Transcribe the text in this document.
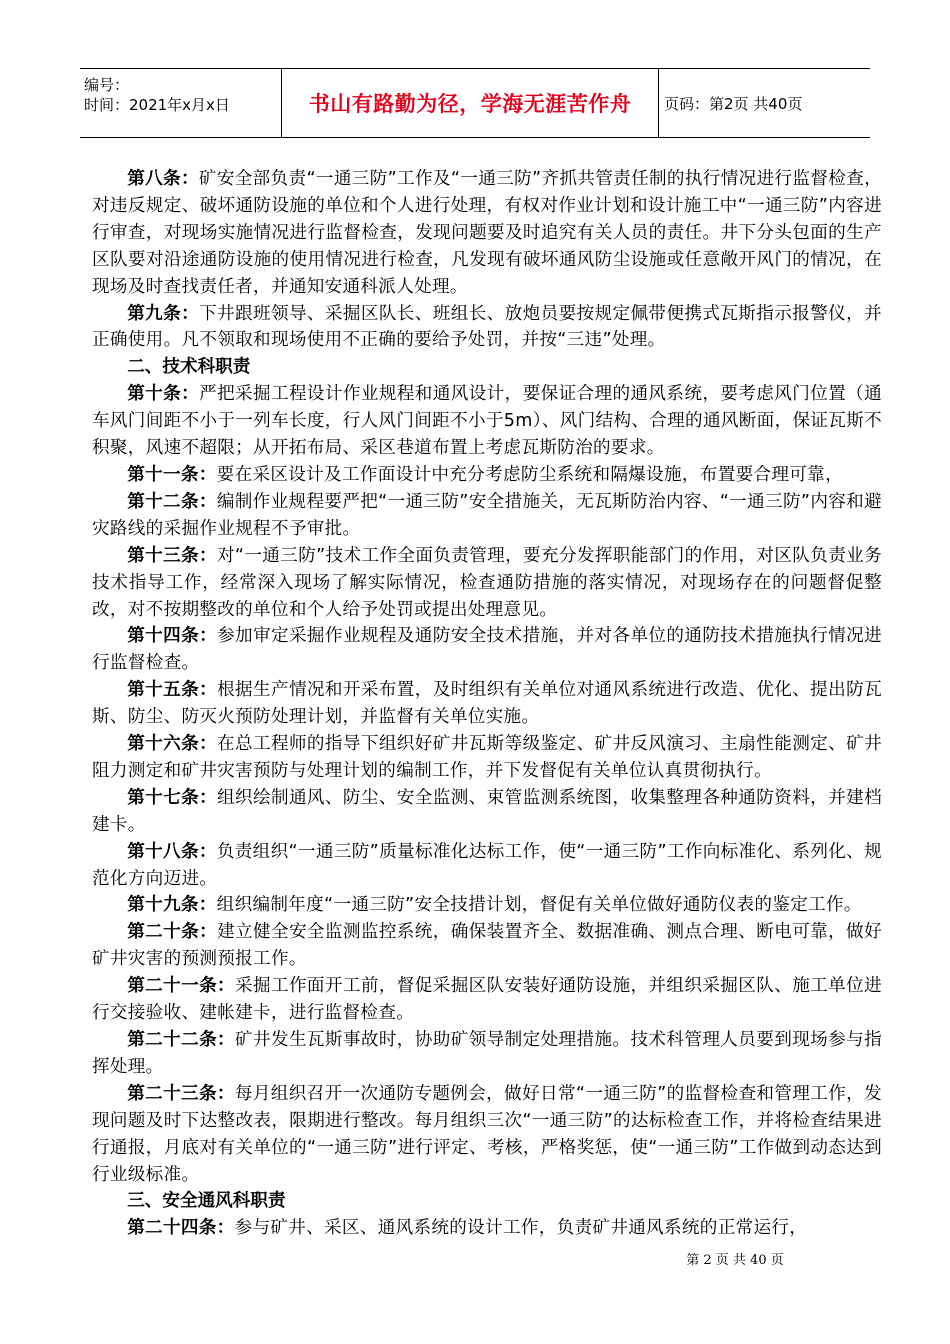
编号：
时间：2021年x月x日	书山有路勤为径，学海无涯苦作舟	页码：第2页 共40页

第八条：矿安全部负责“一通三防”工作及“一通三防”齐抓共管责任制的执行情况进行监督检查，对违反规定、破坏通防设施的单位和个人进行处理，有权对作业计划和设计施工中“一通三防”内容进行审查，对现场实施情况进行监督检查，发现问题要及时追究有关人员的责任。井下分头包面的生产区队要对沿途通防设施的使用情况进行检查，凡发现有破坏通风防尘设施或任意敞开风门的情况，在现场及时查找责任者，并通知安通科派人处理。

第九条：下井跟班领导、采掘区队长、班组长、放炮员要按规定佩带便携式瓦斯指示报警仪，并正确使用。凡不领取和现场使用不正确的要给予处罚，并按“三违”处理。

二、技术科职责

第十条：严把采掘工程设计作业规程和通风设计，要保证合理的通风系统，要考虑风门位置（通车风门间距不小于一列车长度，行人风门间距不小于5m）、风门结构、合理的通风断面，保证瓦斯不积聚，风速不超限；从开拓布局、采区巷道布置上考虑瓦斯防治的要求。

第十一条：要在采区设计及工作面设计中充分考虑防尘系统和隔爆设施，布置要合理可靠，

第十二条：编制作业规程要严把“一通三防”安全措施关，无瓦斯防治内容、“一通三防”内容和避灾路线的采掘作业规程不予审批。

第十三条：对“一通三防”技术工作全面负责管理，要充分发挥职能部门的作用，对区队负责业务技术指导工作，经常深入现场了解实际情况，检查通防措施的落实情况，对现场存在的问题督促整改，对不按期整改的单位和个人给予处罚或提出处理意见。

第十四条：参加审定采掘作业规程及通防安全技术措施，并对各单位的通防技术措施执行情况进行监督检查。

第十五条：根据生产情况和开采布置，及时组织有关单位对通风系统进行改造、优化、提出防瓦斯、防尘、防灭火预防处理计划，并监督有关单位实施。

第十六条：在总工程师的指导下组织好矿井瓦斯等级鉴定、矿井反风演习、主扇性能测定、矿井阻力测定和矿井灾害预防与处理计划的编制工作，并下发督促有关单位认真贯彻执行。

第十七条：组织绘制通风、防尘、安全监测、束管监测系统图，收集整理各种通防资料，并建档建卡。

第十八条：负责组织“一通三防”质量标准化达标工作，使“一通三防”工作向标准化、系列化、规范化方向迈进。

第十九条：组织编制年度“一通三防”安全技措计划，督促有关单位做好通防仪表的鉴定工作。

第二十条：建立健全安全监测监控系统，确保装置齐全、数据准确、测点合理、断电可靠，做好矿井灾害的预测预报工作。

第二十一条：采掘工作面开工前，督促采掘区队安装好通防设施，并组织采掘区队、施工单位进行交接验收、建帐建卡，进行监督检查。

第二十二条：矿井发生瓦斯事故时，协助矿领导制定处理措施。技术科管理人员要到现场参与指挥处理。

第二十三条：每月组织召开一次通防专题例会，做好日常“一通三防”的监督检查和管理工作，发现问题及时下达整改表，限期进行整改。每月组织三次“一通三防”的达标检查工作，并将检查结果进行通报，月底对有关单位的“一通三防”进行评定、考核，严格奖惩，使“一通三防”工作做到动态达到行业级标准。

三、安全通风科职责

第二十四条：参与矿井、采区、通风系统的设计工作，负责矿井通风系统的正常运行，

第 2 页 共 40 页
